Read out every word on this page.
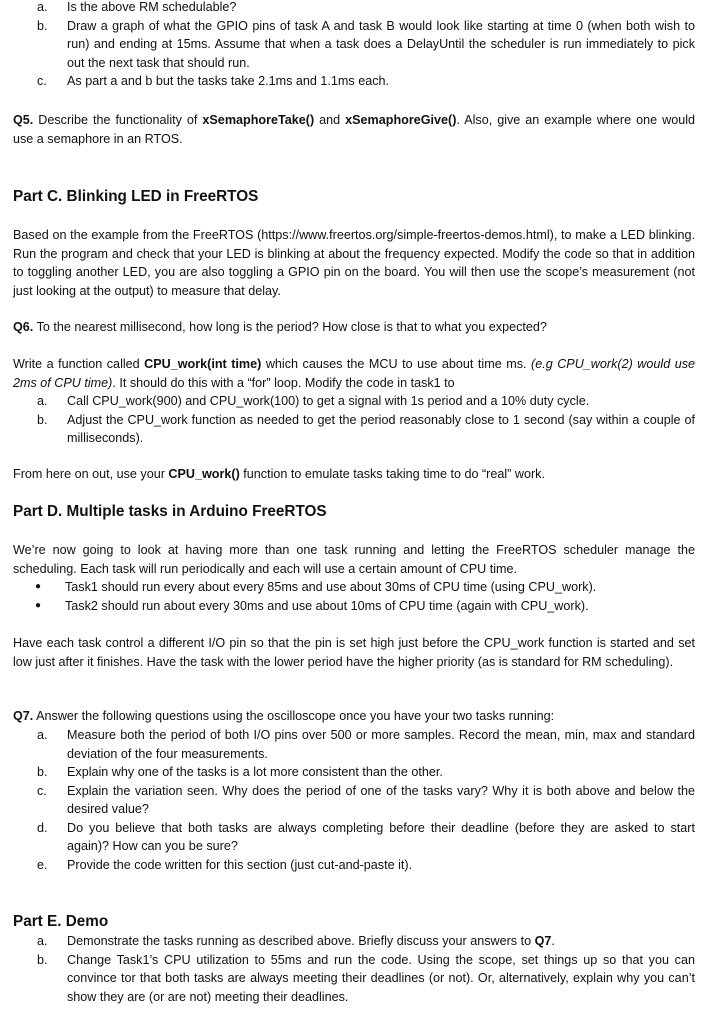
a. Is the above RM schedulable?
b. Draw a graph of what the GPIO pins of task A and task B would look like starting at time 0 (when both wish to run) and ending at 15ms. Assume that when a task does a DelayUntil the scheduler is run immediately to pick out the next task that should run.
c. As part a and b but the tasks take 2.1ms and 1.1ms each.

Q5. Describe the functionality of xSemaphoreTake() and xSemaphoreGive(). Also, give an example where one would use a semaphore in an RTOS.

Part C. Blinking LED in FreeRTOS

Based on the example from the FreeRTOS (https://www.freertos.org/simple-freertos-demos.html), to make a LED blinking. Run the program and check that your LED is blinking at about the frequency expected. Modify the code so that in addition to toggling another LED, you are also toggling a GPIO pin on the board. You will then use the scope’s measurement (not just looking at the output) to measure that delay.

Q6. To the nearest millisecond, how long is the period? How close is that to what you expected?

Write a function called CPU_work(int time) which causes the MCU to use about time ms. (e.g CPU_work(2) would use 2ms of CPU time). It should do this with a “for” loop. Modify the code in task1 to

a. Call CPU_work(900) and CPU_work(100) to get a signal with 1s period and a 10% duty cycle.
b. Adjust the CPU_work function as needed to get the period reasonably close to 1 second (say within a couple of milliseconds).

From here on out, use your CPU_work() function to emulate tasks taking time to do “real” work.

Part D. Multiple tasks in Arduino FreeRTOS

We’re now going to look at having more than one task running and letting the FreeRTOS scheduler manage the scheduling. Each task will run periodically and each will use a certain amount of CPU time.

● Task1 should run every about every 85ms and use about 30ms of CPU time (using CPU_work).
● Task2 should run about every 30ms and use about 10ms of CPU time (again with CPU_work).

Have each task control a different I/O pin so that the pin is set high just before the CPU_work function is started and set low just after it finishes. Have the task with the lower period have the higher priority (as is standard for RM scheduling).

Q7. Answer the following questions using the oscilloscope once you have your two tasks running:

a. Measure both the period of both I/O pins over 500 or more samples. Record the mean, min, max and standard deviation of the four measurements.
b. Explain why one of the tasks is a lot more consistent than the other.
c. Explain the variation seen. Why does the period of one of the tasks vary? Why it is both above and below the desired value?
d. Do you believe that both tasks are always completing before their deadline (before they are asked to start again)? How can you be sure?
e. Provide the code written for this section (just cut-and-paste it).
Part E. Demo
a. Demonstrate the tasks running as described above. Briefly discuss your answers to Q7.
b. Change Task1’s CPU utilization to 55ms and run the code. Using the scope, set things up so that you can convince tor that both tasks are always meeting their deadlines (or not). Or, alternatively, explain why you can’t show they are (or are not) meeting their deadlines.
